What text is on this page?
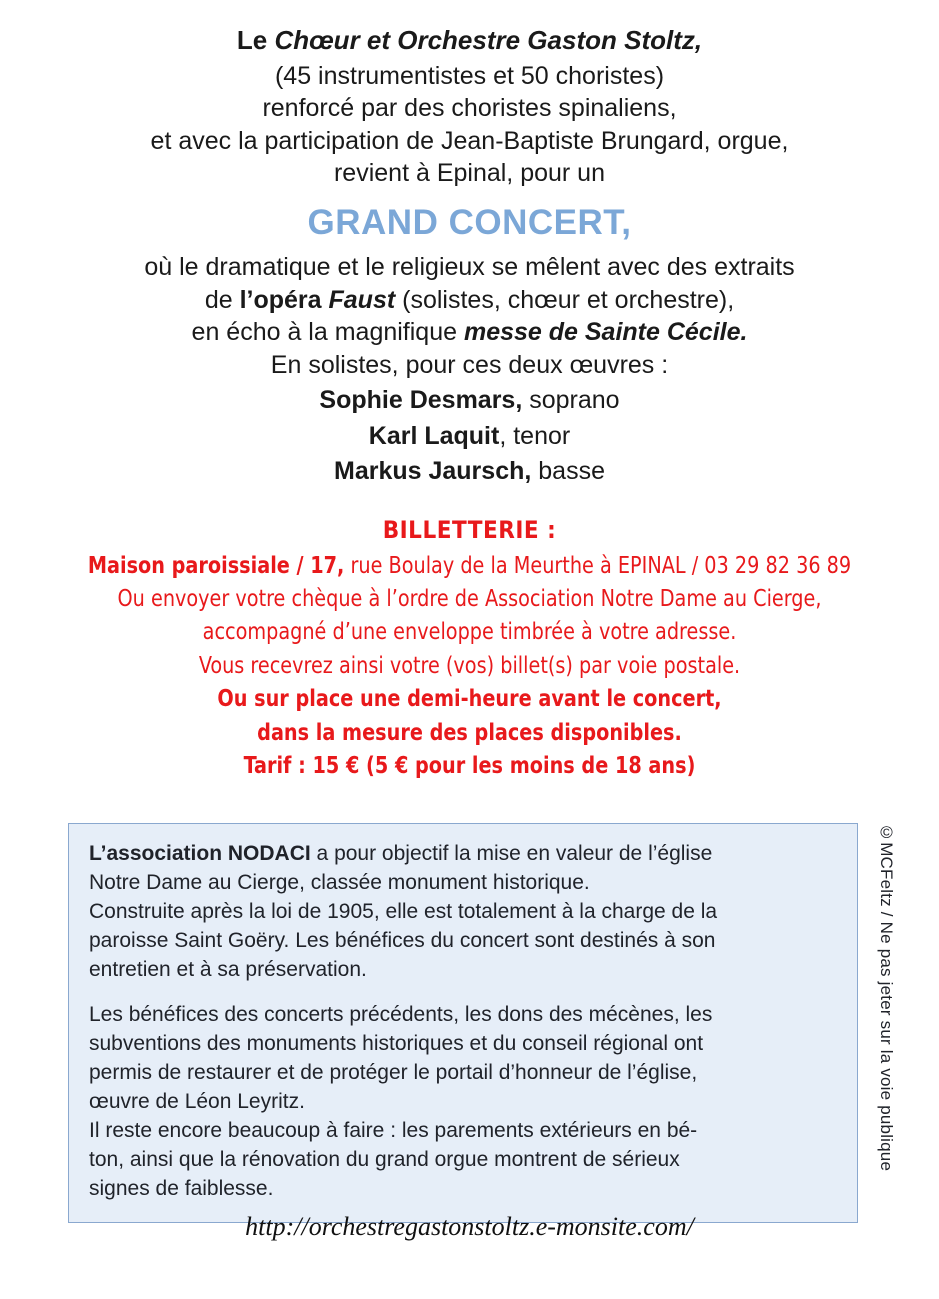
Le Chœur et Orchestre Gaston Stoltz,
(45 instrumentistes et 50 choristes)
renforcé par des choristes spinaliens,
et avec la participation de Jean-Baptiste Brungard, orgue,
revient à Epinal, pour un
GRAND CONCERT,
où le dramatique et le religieux se mêlent avec des extraits
de l’opéra Faust (solistes, chœur et orchestre),
en écho à la magnifique messe de Sainte Cécile.
En solistes, pour ces deux œuvres :
Sophie Desmars, soprano
Karl Laquit, tenor
Markus Jaursch, basse
BILLETTERIE :
Maison paroissiale / 17, rue Boulay de la Meurthe à EPINAL / 03 29 82 36 89
Ou envoyer votre chèque à l’ordre de Association Notre Dame au Cierge,
accompagné d’une enveloppe timbrée à votre adresse.
Vous recevrez ainsi votre (vos) billet(s) par voie postale.
Ou sur place une demi-heure avant le concert,
dans la mesure des places disponibles.
Tarif : 15 € (5 € pour les moins de 18 ans)

L’association NODACI a pour objectif la mise en valeur de l’église

Notre Dame au Cierge, classée monument historique.

Construite après la loi de 1905, elle est totalement à la charge de la

paroisse Saint Goëry. Les bénéfices du concert sont destinés à son

entretien et à sa préservation.

Les bénéfices des concerts précédents, les dons des mécènes, les

subventions des monuments historiques et du conseil régional ont

permis de restaurer et de protéger le portail d’honneur de l’église,

œuvre de Léon Leyritz.

Il reste encore beaucoup à faire : les parements extérieurs en bé-

ton, ainsi que la rénovation du grand orgue montrent de sérieux

signes de faiblesse.

©MCFeltz / Ne pas jeter sur la voie publique
http://orchestregastonstoltz.e-monsite.com/
